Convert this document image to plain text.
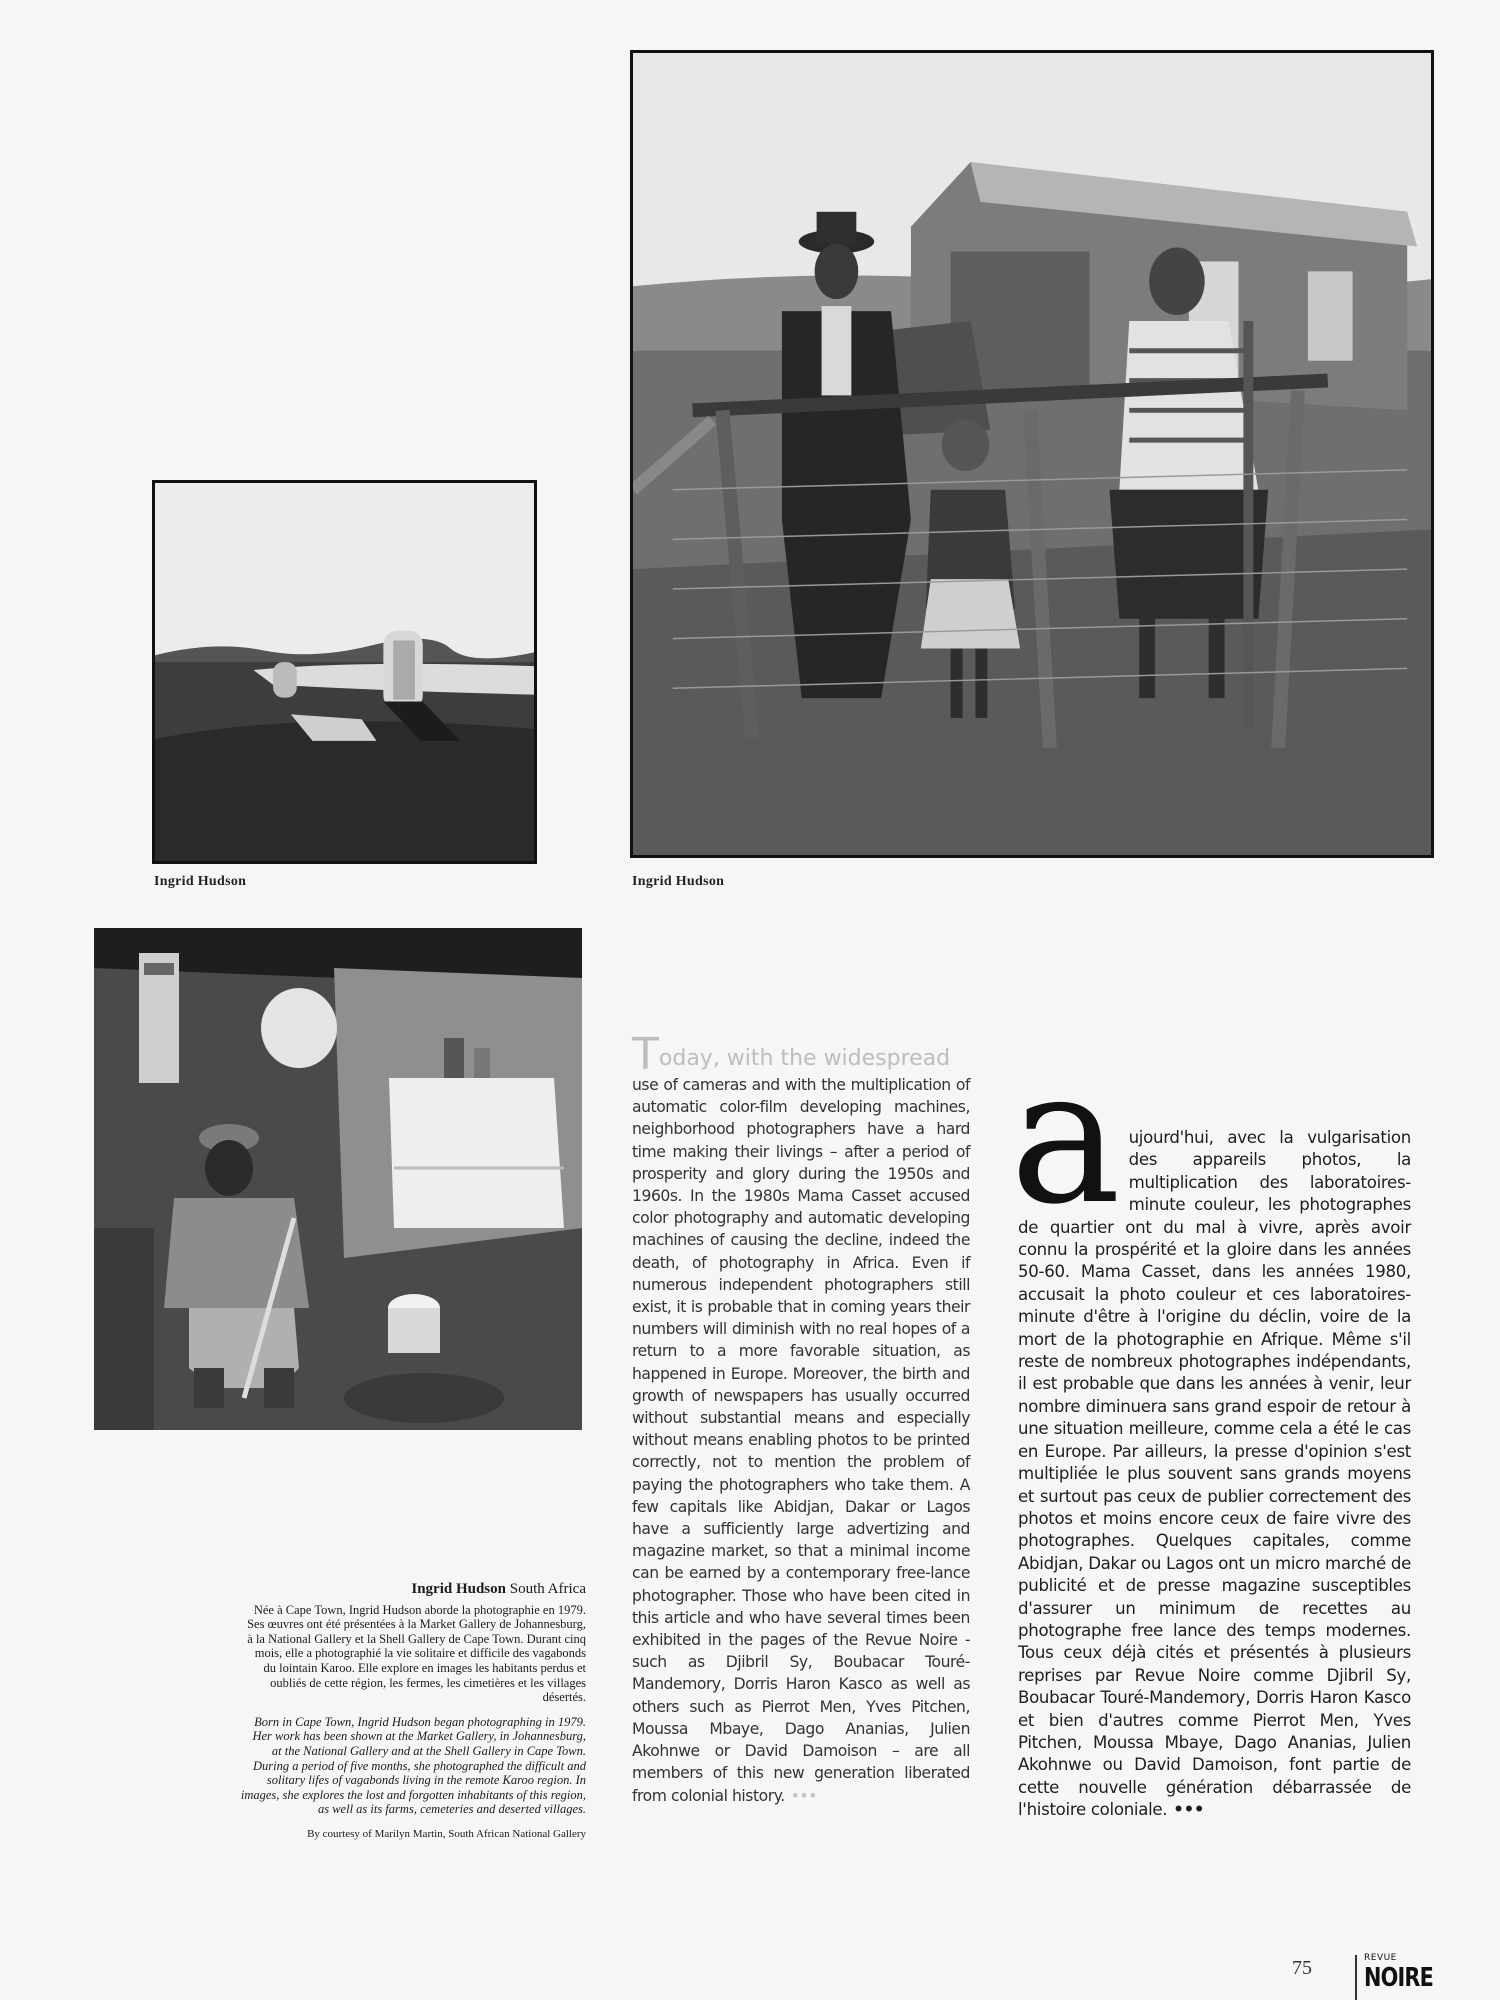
Ingrid Hudson	Ingrid Hudson
Ingrid Hudson South Africa

Née à Cape Town, Ingrid Hudson aborde la photographie en 1979. Ses œuvres ont été présentées à la Market Gallery de Johannesburg, à la National Gallery et la Shell Gallery de Cape Town. Durant cinq mois, elle a photographié la vie solitaire et difficile des vagabonds du lointain Karoo. Elle explore en images les habitants perdus et oubliés de cette région, les fermes, les cimetières et les villages désertés.

Born in Cape Town, Ingrid Hudson began photographing in 1979. Her work has been shown at the Market Gallery, in Johannesburg, at the National Gallery and at the Shell Gallery in Cape Town. During a period of five months, she photographed the difficult and solitary lifes of vagabonds living in the remote Karoo region. In images, she explores the lost and forgotten inhabitants of this region, as well as its farms, cemeteries and deserted villages.

By courtesy of Marilyn Martin, South African National Gallery
Today, with the widespread
use of cameras and with the multiplication of automatic color-film developing machines, neighborhood photographers have a hard time making their livings – after a period of prosperity and glory during the 1950s and 1960s. In the 1980s Mama Casset accused color photography and automatic developing machines of causing the decline, indeed the death, of photography in Africa. Even if numerous independent photographers still exist, it is probable that in coming years their numbers will diminish with no real hopes of a return to a more favorable situation, as happened in Europe. Moreover, the birth and growth of newspapers has usually occurred without substantial means and especially without means enabling photos to be printed correctly, not to mention the problem of paying the photographers who take them. A few capitals like Abidjan, Dakar or Lagos have a sufficiently large advertizing and magazine market, so that a minimal income can be earned by a contemporary free-lance photographer. Those who have been cited in this article and who have several times been exhibited in the pages of the Revue Noire - such as Djibril Sy, Boubacar Touré-Mandemory, Dorris Haron Kasco as well as others such as Pierrot Men, Yves Pitchen, Moussa Mbaye, Dago Ananias, Julien Akohnwe or David Damoison – are all members of this new generation liberated from colonial history. •••
a ujourd'hui, avec la vulgarisation des appareils photos, la multiplication des laboratoires-minute couleur, les photographes de quartier ont du mal à vivre, après avoir connu la prospérité et la gloire dans les années 50-60. Mama Casset, dans les années 1980, accusait la photo couleur et ces laboratoires-minute d'être à l'origine du déclin, voire de la mort de la photographie en Afrique. Même s'il reste de nombreux photographes indépendants, il est probable que dans les années à venir, leur nombre diminuera sans grand espoir de retour à une situation meilleure, comme cela a été le cas en Europe. Par ailleurs, la presse d'opinion s'est multipliée le plus souvent sans grands moyens et surtout pas ceux de publier correctement des photos et moins encore ceux de faire vivre des photographes. Quelques capitales, comme Abidjan, Dakar ou Lagos ont un micro marché de publicité et de presse magazine susceptibles d'assurer un minimum de recettes au photographe free lance des temps modernes. Tous ceux déjà cités et présentés à plusieurs reprises par Revue Noire comme Djibril Sy, Boubacar Touré-Mandemory, Dorris Haron Kasco et bien d'autres comme Pierrot Men, Yves Pitchen, Moussa Mbaye, Dago Ananias, Julien Akohnwe ou David Damoison, font partie de cette nouvelle génération débarrassée de l'histoire coloniale. •••
75	REVUE
NOIRE
